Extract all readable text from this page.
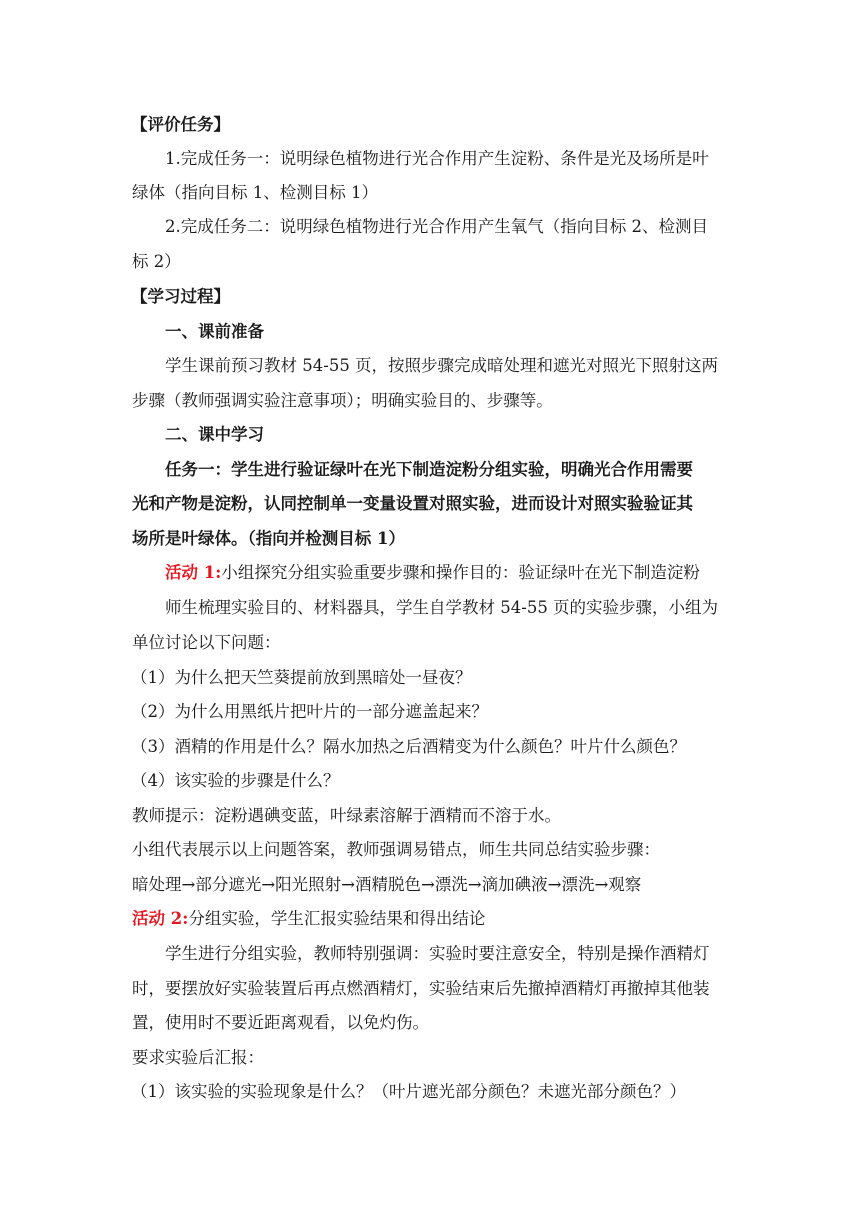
【评价任务】
1.完成任务一：说明绿色植物进行光合作用产生淀粉、条件是光及场所是叶
绿体（指向目标 1、检测目标 1）
2.完成任务二：说明绿色植物进行光合作用产生氧气（指向目标 2、检测目
标 2）
【学习过程】
一、课前准备
学生课前预习教材 54-55 页，按照步骤完成暗处理和遮光对照光下照射这两
步骤（教师强调实验注意事项）；明确实验目的、步骤等。
二、课中学习
任务一：学生进行验证绿叶在光下制造淀粉分组实验，明确光合作用需要
光和产物是淀粉，认同控制单一变量设置对照实验，进而设计对照实验验证其
场所是叶绿体。（指向并检测目标 1）
活动 1:小组探究分组实验重要步骤和操作目的：验证绿叶在光下制造淀粉
师生梳理实验目的、材料器具，学生自学教材 54-55 页的实验步骤，小组为
单位讨论以下问题：
（1）为什么把天竺葵提前放到黑暗处一昼夜？
（2）为什么用黑纸片把叶片的一部分遮盖起来？
（3）酒精的作用是什么？隔水加热之后酒精变为什么颜色？叶片什么颜色？
（4）该实验的步骤是什么？
教师提示：淀粉遇碘变蓝，叶绿素溶解于酒精而不溶于水。
小组代表展示以上问题答案，教师强调易错点，师生共同总结实验步骤：
暗处理→部分遮光→阳光照射→酒精脱色→漂洗→滴加碘液→漂洗→观察
活动 2:分组实验，学生汇报实验结果和得出结论
学生进行分组实验，教师特别强调：实验时要注意安全，特别是操作酒精灯
时，要摆放好实验装置后再点燃酒精灯，实验结束后先撤掉酒精灯再撤掉其他装
置，使用时不要近距离观看，以免灼伤。
要求实验后汇报：
（1）该实验的实验现象是什么？（叶片遮光部分颜色？未遮光部分颜色？）
